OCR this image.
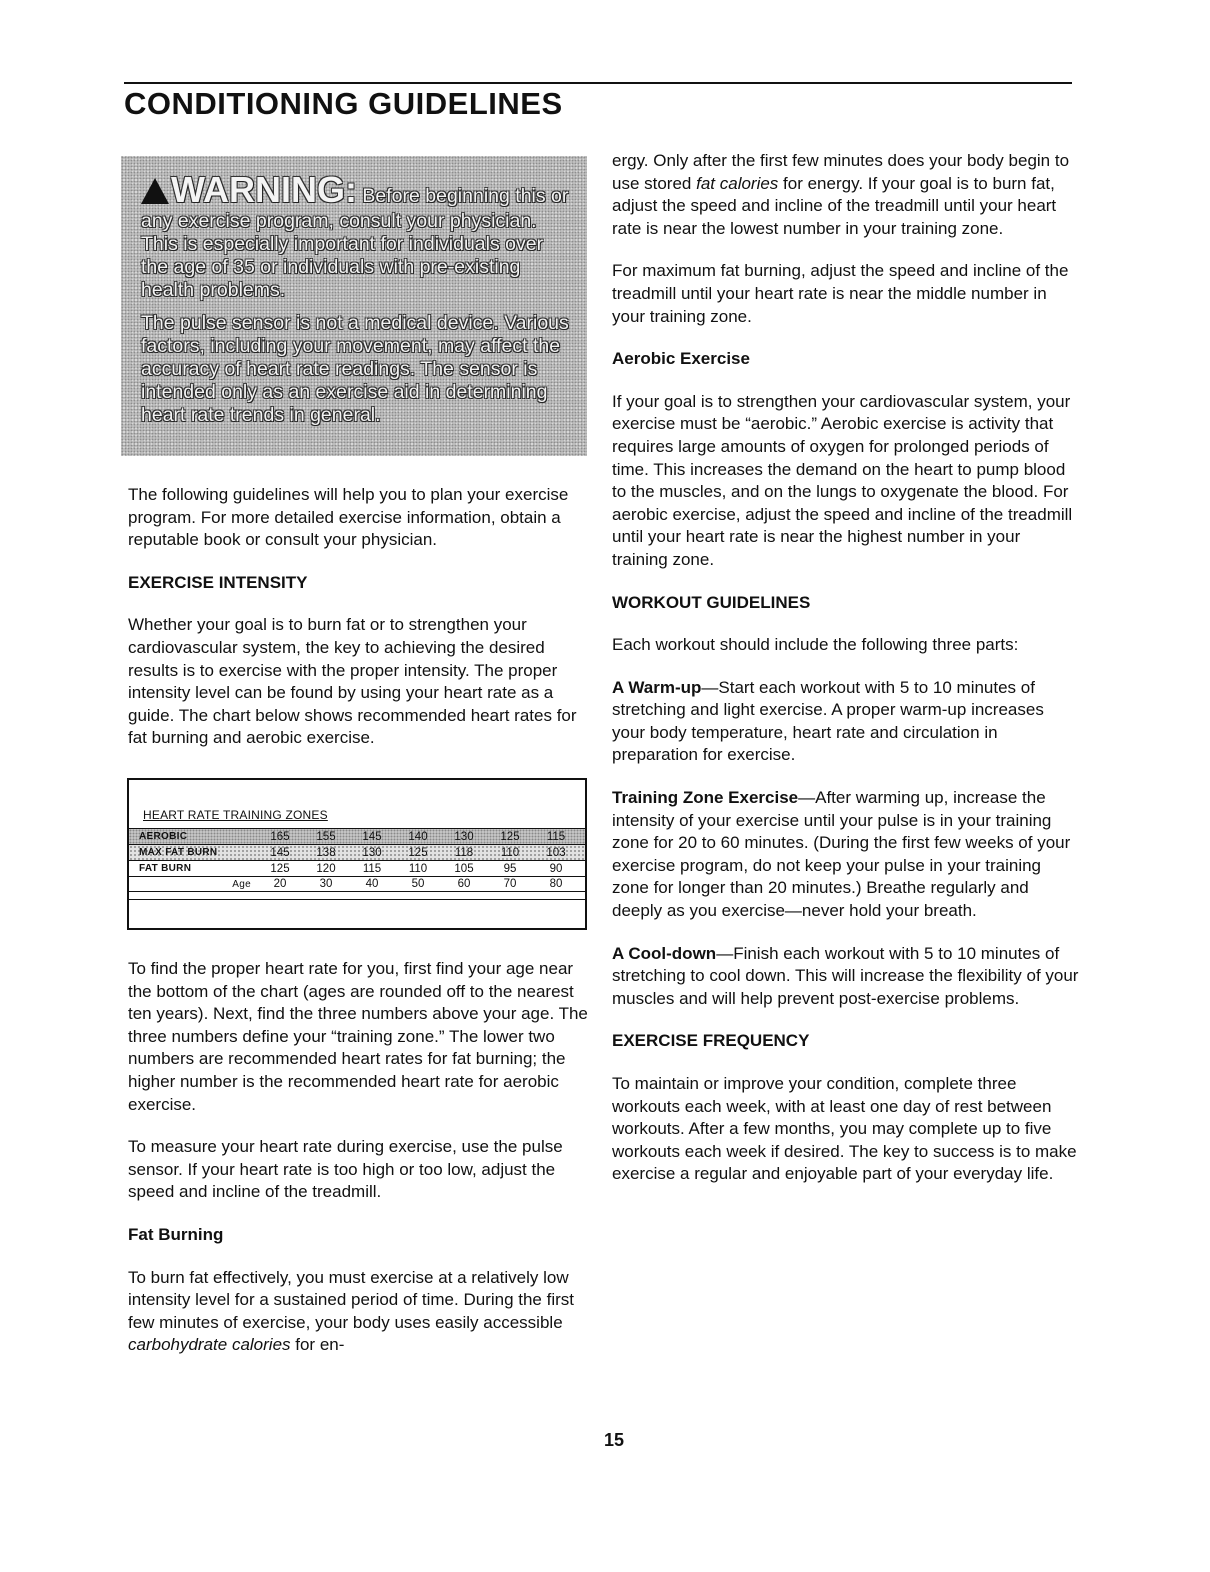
CONDITIONING GUIDELINES
WARNING: Before beginning this or any exercise program, consult your physician. This is especially important for individuals over the age of 35 or individuals with pre-existing health problems.
The pulse sensor is not a medical device. Various factors, including your movement, may affect the accuracy of heart rate readings. The sensor is intended only as an exercise aid in determining heart rate trends in general.

The following guidelines will help you to plan your exercise program. For more detailed exercise information, obtain a reputable book or consult your physician.

EXERCISE INTENSITY

Whether your goal is to burn fat or to strengthen your cardiovascular system, the key to achieving the desired results is to exercise with the proper intensity. The proper intensity level can be found by using your heart rate as a guide. The chart below shows recommended heart rates for fat burning and aerobic exercise.

HEART RATE TRAINING ZONES
AEROBIC	165	155	145	140	130	125	115
MAX FAT BURN	145	138	130	125	118	110	103
FAT BURN	125	120	115	110	105	95	90
Age	20	30	40	50	60	70	80

To find the proper heart rate for you, first find your age near the bottom of the chart (ages are rounded off to the nearest ten years). Next, find the three numbers above your age. The three numbers define your “training zone.” The lower two numbers are recommended heart rates for fat burning; the higher number is the recommended heart rate for aerobic exercise.

To measure your heart rate during exercise, use the pulse sensor. If your heart rate is too high or too low, adjust the speed and incline of the treadmill.

Fat Burning

To burn fat effectively, you must exercise at a relatively low intensity level for a sustained period of time. During the first few minutes of exercise, your body uses easily accessible carbohydrate calories for en-

ergy. Only after the first few minutes does your body begin to use stored fat calories for energy. If your goal is to burn fat, adjust the speed and incline of the treadmill until your heart rate is near the lowest number in your training zone.

For maximum fat burning, adjust the speed and incline of the treadmill until your heart rate is near the middle number in your training zone.

Aerobic Exercise

If your goal is to strengthen your cardiovascular system, your exercise must be “aerobic.” Aerobic exercise is activity that requires large amounts of oxygen for prolonged periods of time. This increases the demand on the heart to pump blood to the muscles, and on the lungs to oxygenate the blood. For aerobic exercise, adjust the speed and incline of the treadmill until your heart rate is near the highest number in your training zone.

WORKOUT GUIDELINES

Each workout should include the following three parts:

A Warm-up—Start each workout with 5 to 10 minutes of stretching and light exercise. A proper warm-up increases your body temperature, heart rate and circulation in preparation for exercise.

Training Zone Exercise—After warming up, increase the intensity of your exercise until your pulse is in your training zone for 20 to 60 minutes. (During the first few weeks of your exercise program, do not keep your pulse in your training zone for longer than 20 minutes.) Breathe regularly and deeply as you exercise—never hold your breath.

A Cool-down—Finish each workout with 5 to 10 minutes of stretching to cool down. This will increase the flexibility of your muscles and will help prevent post-exercise problems.

EXERCISE FREQUENCY

To maintain or improve your condition, complete three workouts each week, with at least one day of rest between workouts. After a few months, you may complete up to five workouts each week if desired. The key to success is to make exercise a regular and enjoyable part of your everyday life.

15
